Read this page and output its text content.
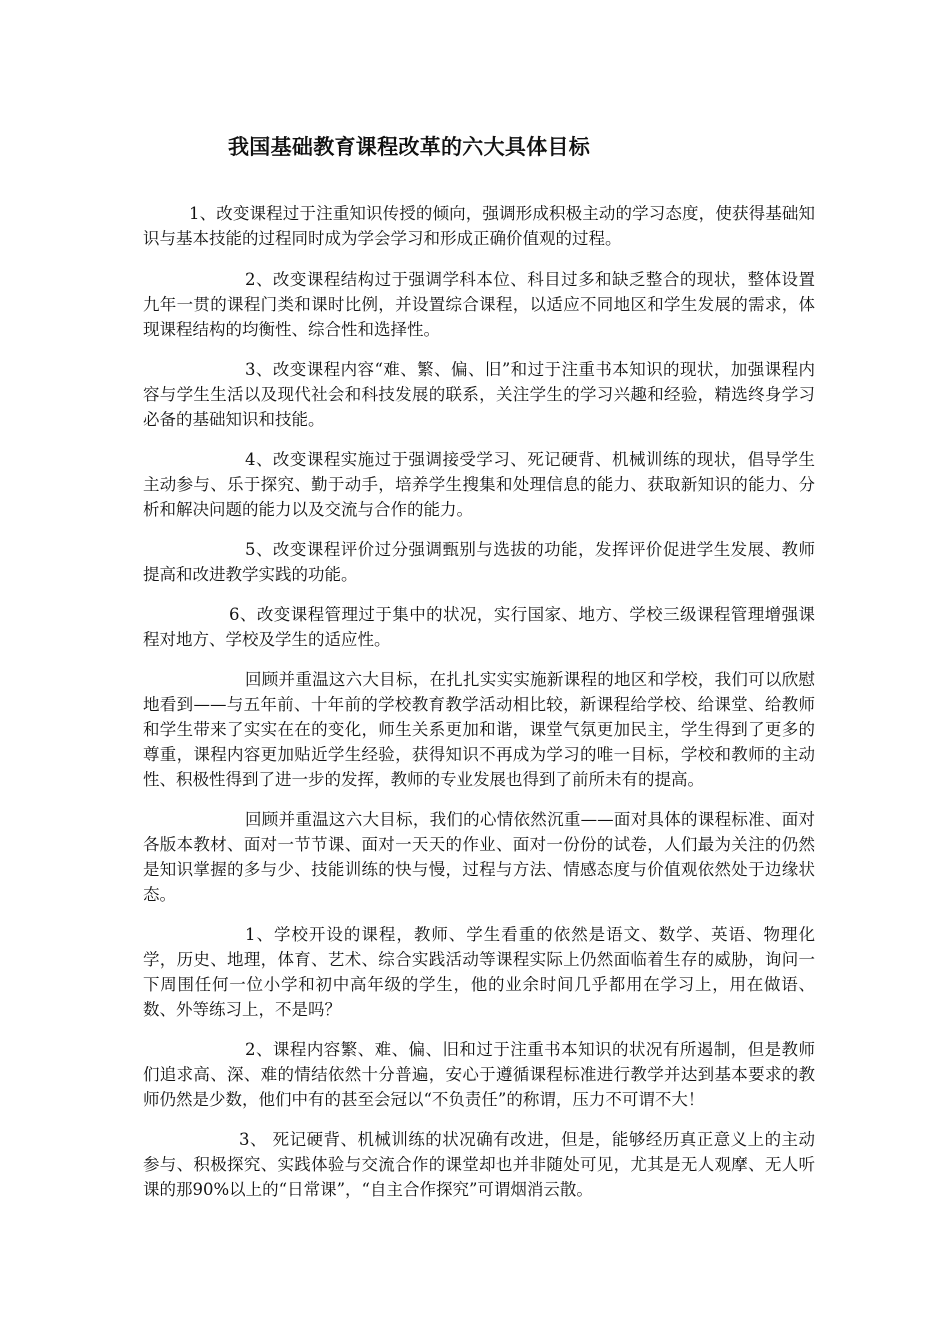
我国基础教育课程改革的六大具体目标

1、改变课程过于注重知识传授的倾向，强调形成积极主动的学习态度，使获得基础知识与基本技能的过程同时成为学会学习和形成正确价值观的过程。

2、改变课程结构过于强调学科本位、科目过多和缺乏整合的现状，整体设置九年一贯的课程门类和课时比例，并设置综合课程，以适应不同地区和学生发展的需求，体现课程结构的均衡性、综合性和选择性。

3、改变课程内容“难、繁、偏、旧”和过于注重书本知识的现状，加强课程内容与学生生活以及现代社会和科技发展的联系，关注学生的学习兴趣和经验，精选终身学习必备的基础知识和技能。

4、改变课程实施过于强调接受学习、死记硬背、机械训练的现状，倡导学生主动参与、乐于探究、勤于动手，培养学生搜集和处理信息的能力、获取新知识的能力、分析和解决问题的能力以及交流与合作的能力。

5、改变课程评价过分强调甄别与选拔的功能，发挥评价促进学生发展、教师提高和改进教学实践的功能。

6、改变课程管理过于集中的状况，实行国家、地方、学校三级课程管理增强课程对地方、学校及学生的适应性。

回顾并重温这六大目标，在扎扎实实实施新课程的地区和学校，我们可以欣慰地看到——与五年前、十年前的学校教育教学活动相比较，新课程给学校、给课堂、给教师和学生带来了实实在在的变化，师生关系更加和谐，课堂气氛更加民主，学生得到了更多的尊重，课程内容更加贴近学生经验，获得知识不再成为学习的唯一目标，学校和教师的主动性、积极性得到了进一步的发挥，教师的专业发展也得到了前所未有的提高。

回顾并重温这六大目标，我们的心情依然沉重——面对具体的课程标准、面对各版本教材、面对一节节课、面对一天天的作业、面对一份份的试卷，人们最为关注的仍然是知识掌握的多与少、技能训练的快与慢，过程与方法、情感态度与价值观依然处于边缘状态。

1、学校开设的课程，教师、学生看重的依然是语文、数学、英语、物理化学，历史、地理，体育、艺术、综合实践活动等课程实际上仍然面临着生存的威胁，询问一下周围任何一位小学和初中高年级的学生，他的业余时间几乎都用在学习上，用在做语、数、外等练习上，不是吗？

2、课程内容繁、难、偏、旧和过于注重书本知识的状况有所遏制，但是教师们追求高、深、难的情结依然十分普遍，安心于遵循课程标准进行教学并达到基本要求的教师仍然是少数，他们中有的甚至会冠以“不负责任”的称谓，压力不可谓不大！

3、 死记硬背、机械训练的状况确有改进，但是，能够经历真正意义上的主动参与、积极探究、实践体验与交流合作的课堂却也并非随处可见，尤其是无人观摩、无人听课的那90%以上的“日常课”，“自主合作探究”可谓烟消云散。
